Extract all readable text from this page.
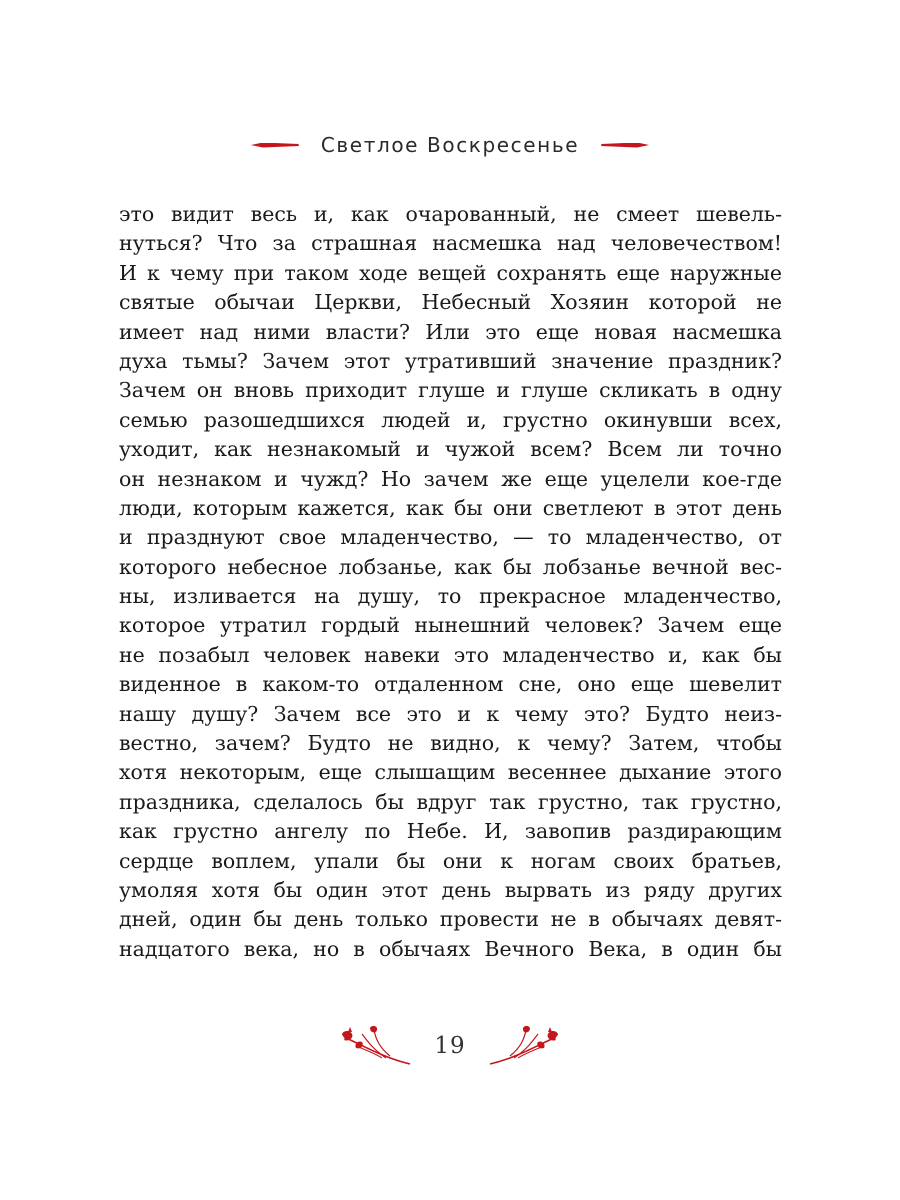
Светлое Воскресенье
это видит весь и, как очарованный, не смеет шевель-
нуться? Что за страшная насмешка над человечеством!
И к чему при таком ходе вещей сохранять еще наружные
святые обычаи Церкви, Небесный Хозяин которой не
имеет над ними власти? Или это еще новая насмешка
духа тьмы? Зачем этот утративший значение праздник?
Зачем он вновь приходит глуше и глуше скликать в одну
семью разошедшихся людей и, грустно окинувши всех,
уходит, как незнакомый и чужой всем? Всем ли точно
он незнаком и чужд? Но зачем же еще уцелели кое-где
люди, которым кажется, как бы они светлеют в этот день
и празднуют свое младенчество, — то младенчество, от
которого небесное лобзанье, как бы лобзанье вечной вес-
ны, изливается на душу, то прекрасное младенчество,
которое утратил гордый нынешний человек? Зачем еще
не позабыл человек навеки это младенчество и, как бы
виденное в каком-то отдаленном сне, оно еще шевелит
нашу душу? Зачем все это и к чему это? Будто неиз-
вестно, зачем? Будто не видно, к чему? Затем, чтобы
хотя некоторым, еще слышащим весеннее дыхание этого
праздника, сделалось бы вдруг так грустно, так грустно,
как грустно ангелу по Небе. И, завопив раздирающим
сердце воплем, упали бы они к ногам своих братьев,
умоляя хотя бы один этот день вырвать из ряду других
дней, один бы день только провести не в обычаях девят-
надцатого века, но в обычаях Вечного Века, в один бы
19
